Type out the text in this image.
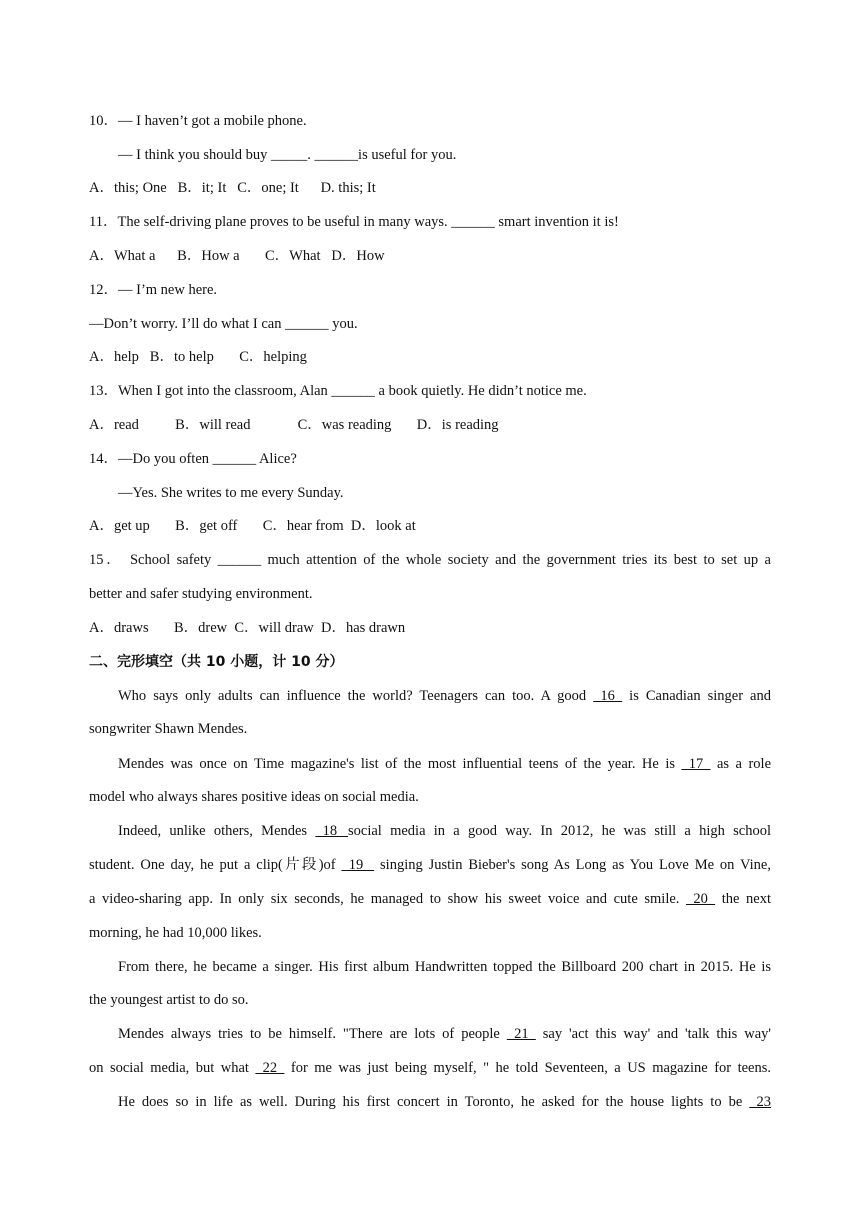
10．— I haven’t got a mobile phone.
— I think you should buy _____. ______is useful for you.
A．this; One   B．it; It   C．one; It      D. this; It
11．The self-driving plane proves to be useful in many ways. ______ smart invention it is!
A．What a      B．How a       C．What   D．How
12．— I’m new here.
—Don’t worry. I’ll do what I can ______ you.
A．help   B．to help       C．helping
13．When I got into the classroom, Alan ______ a book quietly. He didn’t notice me.
A．read          B．will read             C．was reading       D．is reading
14．—Do you often ______ Alice?
—Yes. She writes to me every Sunday.
A．get up       B．get off       C．hear from  D．look at
15． School safety ______ much attention of the whole society and the government tries its best to set up a
better and safer studying environment.
A．draws       B．drew  C．will draw  D．has drawn
二、完形填空（共 10 小题，计 10 分）
Who says only adults can influence the world? Teenagers can too. A good   16   is Canadian singer and
songwriter Shawn Mendes.
Mendes was once on Time magazine's list of the most influential teens of the year. He is   17   as a role
model who always shares positive ideas on social media.
Indeed, unlike others, Mendes   18   social media in a good way. In 2012, he was still a high school
student. One day, he put a clip(片段)of   19    singing Justin Bieber's song As Long as You Love Me on Vine,
a video-sharing app. In only six seconds, he managed to show his sweet voice and cute smile.   20   the next
morning, he had 10,000 likes.
From there, he became a singer. His first album Handwritten topped the Billboard 200 chart in 2015. He is
the youngest artist to do so.
Mendes always tries to be himself. "There are lots of people   21   say 'act this way' and 'talk this way'
on social media, but what   22   for me was just being myself, " he told Seventeen, a US magazine for teens.
He does so in life as well. During his first concert in Toronto, he asked for the house lights to be   23
